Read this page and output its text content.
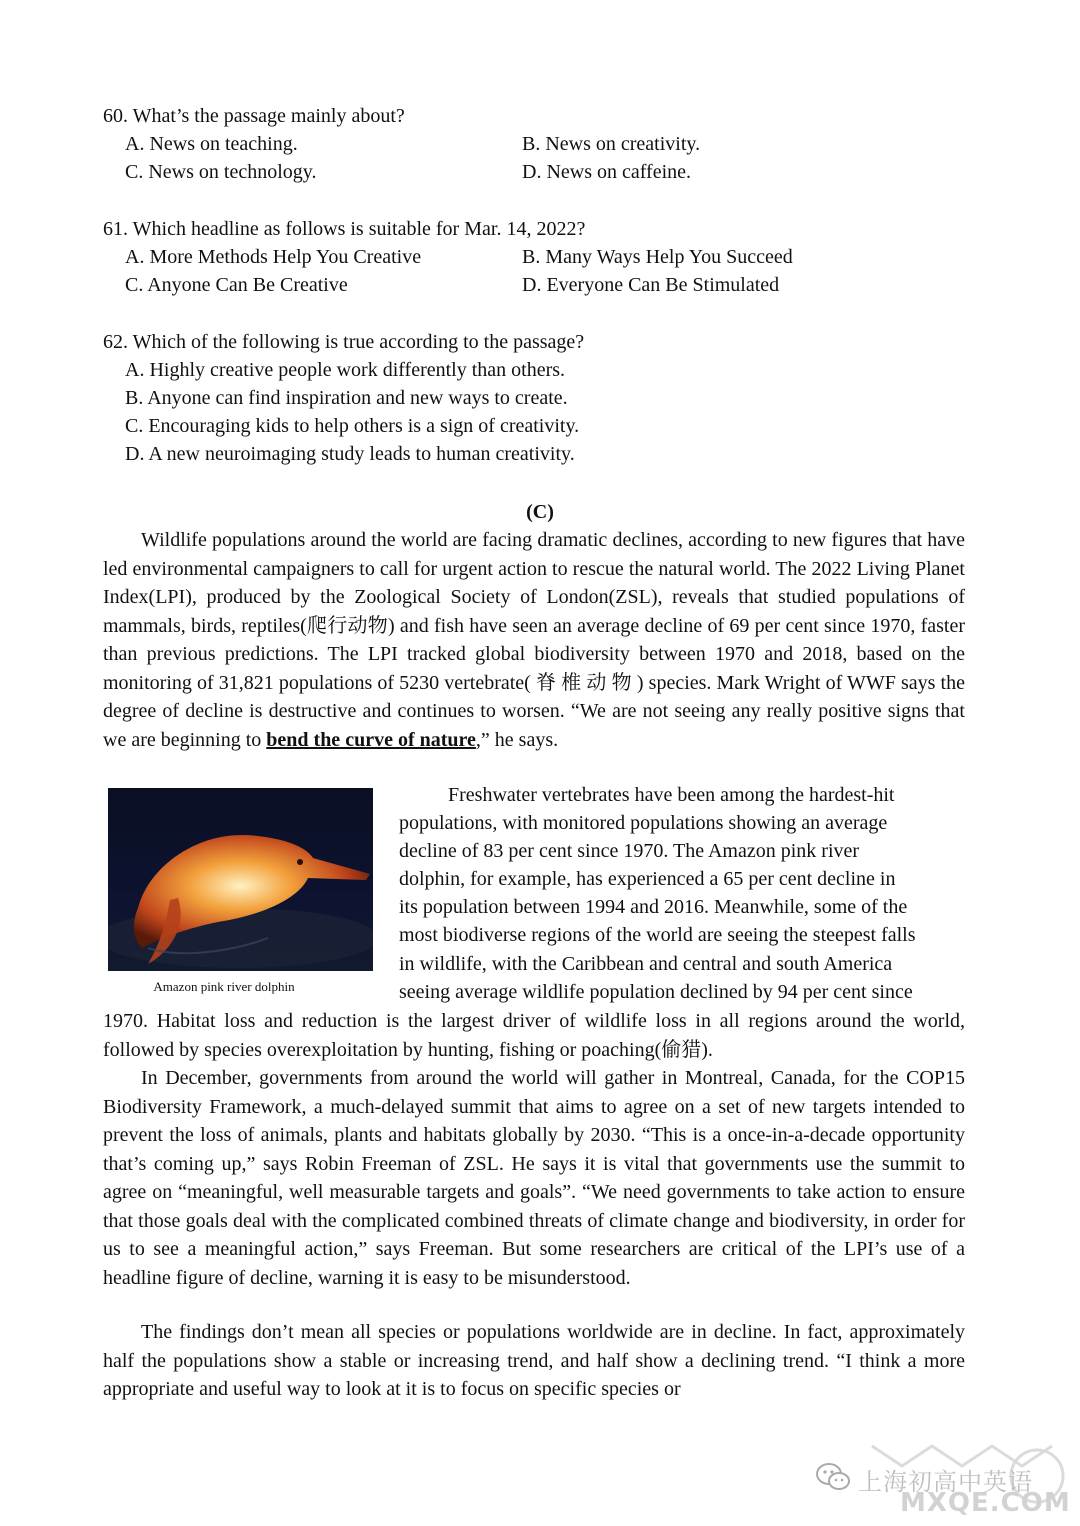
60. What’s the passage mainly about?

A. News on teaching.	B. News on creativity.

C. News on technology.	D. News on caffeine.

61. Which headline as follows is suitable for Mar. 14, 2022?

A. More Methods Help You Creative	B. Many Ways Help You Succeed

C. Anyone Can Be Creative	D. Everyone Can Be Stimulated

62. Which of the following is true according to the passage?

A. Highly creative people work differently than others.

B. Anyone can find inspiration and new ways to create.

C. Encouraging kids to help others is a sign of creativity.

D. A new neuroimaging study leads to human creativity.

(C)

Wildlife populations around the world are facing dramatic declines, according to new figures that have led environmental campaigners to call for urgent action to rescue the natural world. The 2022 Living Planet Index(LPI), produced by the Zoological Society of London(ZSL), reveals that studied populations of mammals, birds, reptiles(爬行动物) and fish have seen an average decline of 69 per cent since 1970, faster than previous predictions. The LPI tracked global biodiversity between 1970 and 2018, based on the monitoring of 31,821 populations of 5230 vertebrate( 脊 椎 动 物 ) species. Mark Wright of WWF says the degree of decline is destructive and continues to worsen. “We are not seeing any really positive signs that we are beginning to bend the curve of nature,” he says.

Amazon pink river dolphin

Freshwater vertebrates have been among the hardest-hit

populations, with monitored populations showing an average

decline of 83 per cent since 1970. The Amazon pink river

dolphin, for example, has experienced a 65 per cent decline in

its population between 1994 and 2016. Meanwhile, some of the

most biodiverse regions of the world are seeing the steepest falls

in wildlife, with the Caribbean and central and south America

seeing average wildlife population declined by 94 per cent since

1970. Habitat loss and reduction is the largest driver of wildlife loss in all regions around the world, followed by species overexploitation by hunting, fishing or poaching(偷猎).

In December, governments from around the world will gather in Montreal, Canada, for the COP15 Biodiversity Framework, a much-delayed summit that aims to agree on a set of new targets intended to prevent the loss of animals, plants and habitats globally by 2030. “This is a once-in-a-decade opportunity that’s coming up,” says Robin Freeman of ZSL. He says it is vital that governments use the summit to agree on “meaningful, well measurable targets and goals”. “We need governments to take action to ensure that those goals deal with the complicated combined threats of climate change and biodiversity, in order for us to see a meaningful action,” says Freeman. But some researchers are critical of the LPI’s use of a headline figure of decline, warning it is easy to be misunderstood.

The findings don’t mean all species or populations worldwide are in decline. In fact, approximately half the populations show a stable or increasing trend, and half show a declining trend. “I think a more appropriate and useful way to look at it is to focus on specific species or

上海初高中英语
MXQE.COM
